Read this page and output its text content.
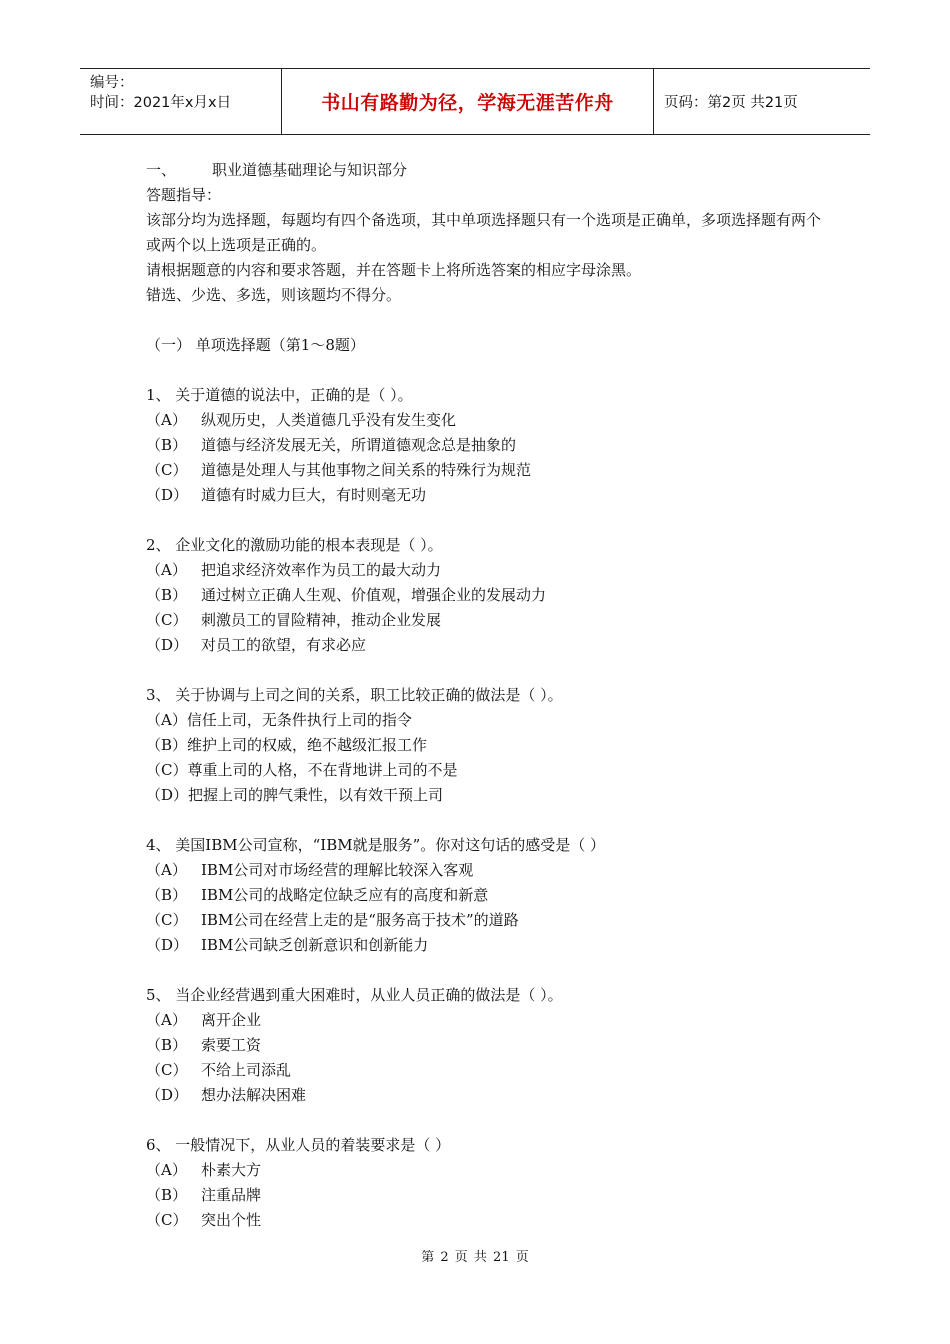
编号：
时间：2021年x月x日	书山有路勤为径，学海无涯苦作舟	页码：第2页 共21页
一、 职业道德基础理论与知识部分
答题指导：
该部分均为选择题，每题均有四个备选项，其中单项选择题只有一个选项是正确单，多项选择题有两个或两个以上选项是正确的。
请根据题意的内容和要求答题，并在答题卡上将所选答案的相应字母涂黑。
错选、少选、多选，则该题均不得分。
（一） 单项选择题（第1～8题）
1、 关于道德的说法中，正确的是（ ）。
（A） 纵观历史，人类道德几乎没有发生变化
（B） 道德与经济发展无关，所谓道德观念总是抽象的
（C） 道德是处理人与其他事物之间关系的特殊行为规范
（D） 道德有时威力巨大，有时则毫无功
2、 企业文化的激励功能的根本表现是（ ）。
（A） 把追求经济效率作为员工的最大动力
（B） 通过树立正确人生观、价值观，增强企业的发展动力
（C） 刺激员工的冒险精神，推动企业发展
（D） 对员工的欲望，有求必应
3、 关于协调与上司之间的关系，职工比较正确的做法是（ ）。
（A）信任上司，无条件执行上司的指令
（B）维护上司的权威，绝不越级汇报工作
（C）尊重上司的人格，不在背地讲上司的不是
（D）把握上司的脾气秉性，以有效干预上司
4、 美国IBM公司宣称，“IBM就是服务”。你对这句话的感受是（ ）
（A） IBM公司对市场经营的理解比较深入客观
（B） IBM公司的战略定位缺乏应有的高度和新意
（C） IBM公司在经营上走的是“服务高于技术”的道路
（D） IBM公司缺乏创新意识和创新能力
5、 当企业经营遇到重大困难时，从业人员正确的做法是（ ）。
（A） 离开企业
（B） 索要工资
（C） 不给上司添乱
（D） 想办法解决困难
6、 一般情况下，从业人员的着装要求是（ ）
（A） 朴素大方
（B） 注重品牌
（C） 突出个性
第 2 页 共 21 页
